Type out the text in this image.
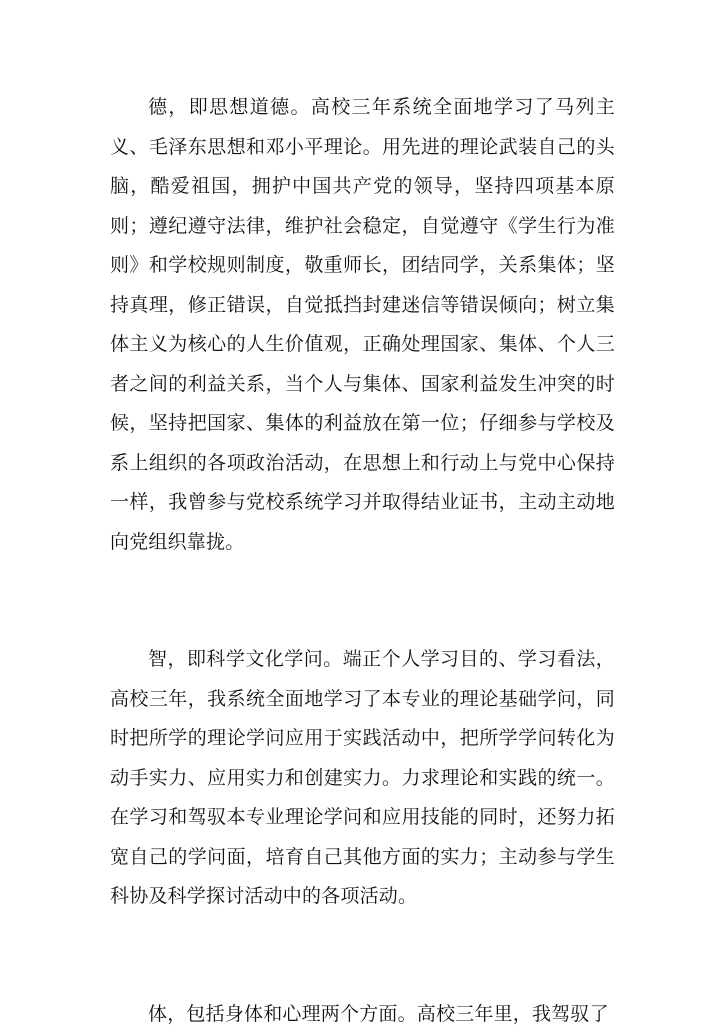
德，即思想道德。高校三年系统全面地学习了马列主义、毛泽东思想和邓小平理论。用先进的理论武装自己的头脑，酷爱祖国，拥护中国共产党的领导，坚持四项基本原则；遵纪遵守法律，维护社会稳定，自觉遵守《学生行为准则》和学校规则制度，敬重师长，团结同学，关系集体；坚持真理，修正错误，自觉抵挡封建迷信等错误倾向；树立集体主义为核心的人生价值观，正确处理国家、集体、个人三者之间的利益关系，当个人与集体、国家利益发生冲突的时候，坚持把国家、集体的利益放在第一位；仔细参与学校及系上组织的各项政治活动，在思想上和行动上与党中心保持一样，我曾参与党校系统学习并取得结业证书，主动主动地向党组织靠拢。

智，即科学文化学问。端正个人学习目的、学习看法，高校三年，我系统全面地学习了本专业的理论基础学问，同时把所学的理论学问应用于实践活动中，把所学学问转化为动手实力、应用实力和创建实力。力求理论和实践的统一。在学习和驾驭本专业理论学问和应用技能的同时，还努力拓宽自己的学问面，培育自己其他方面的实力；主动参与学生科协及科学探讨活动中的各项活动。

体，包括身体和心理两个方面。高校三年里，我驾驭了
